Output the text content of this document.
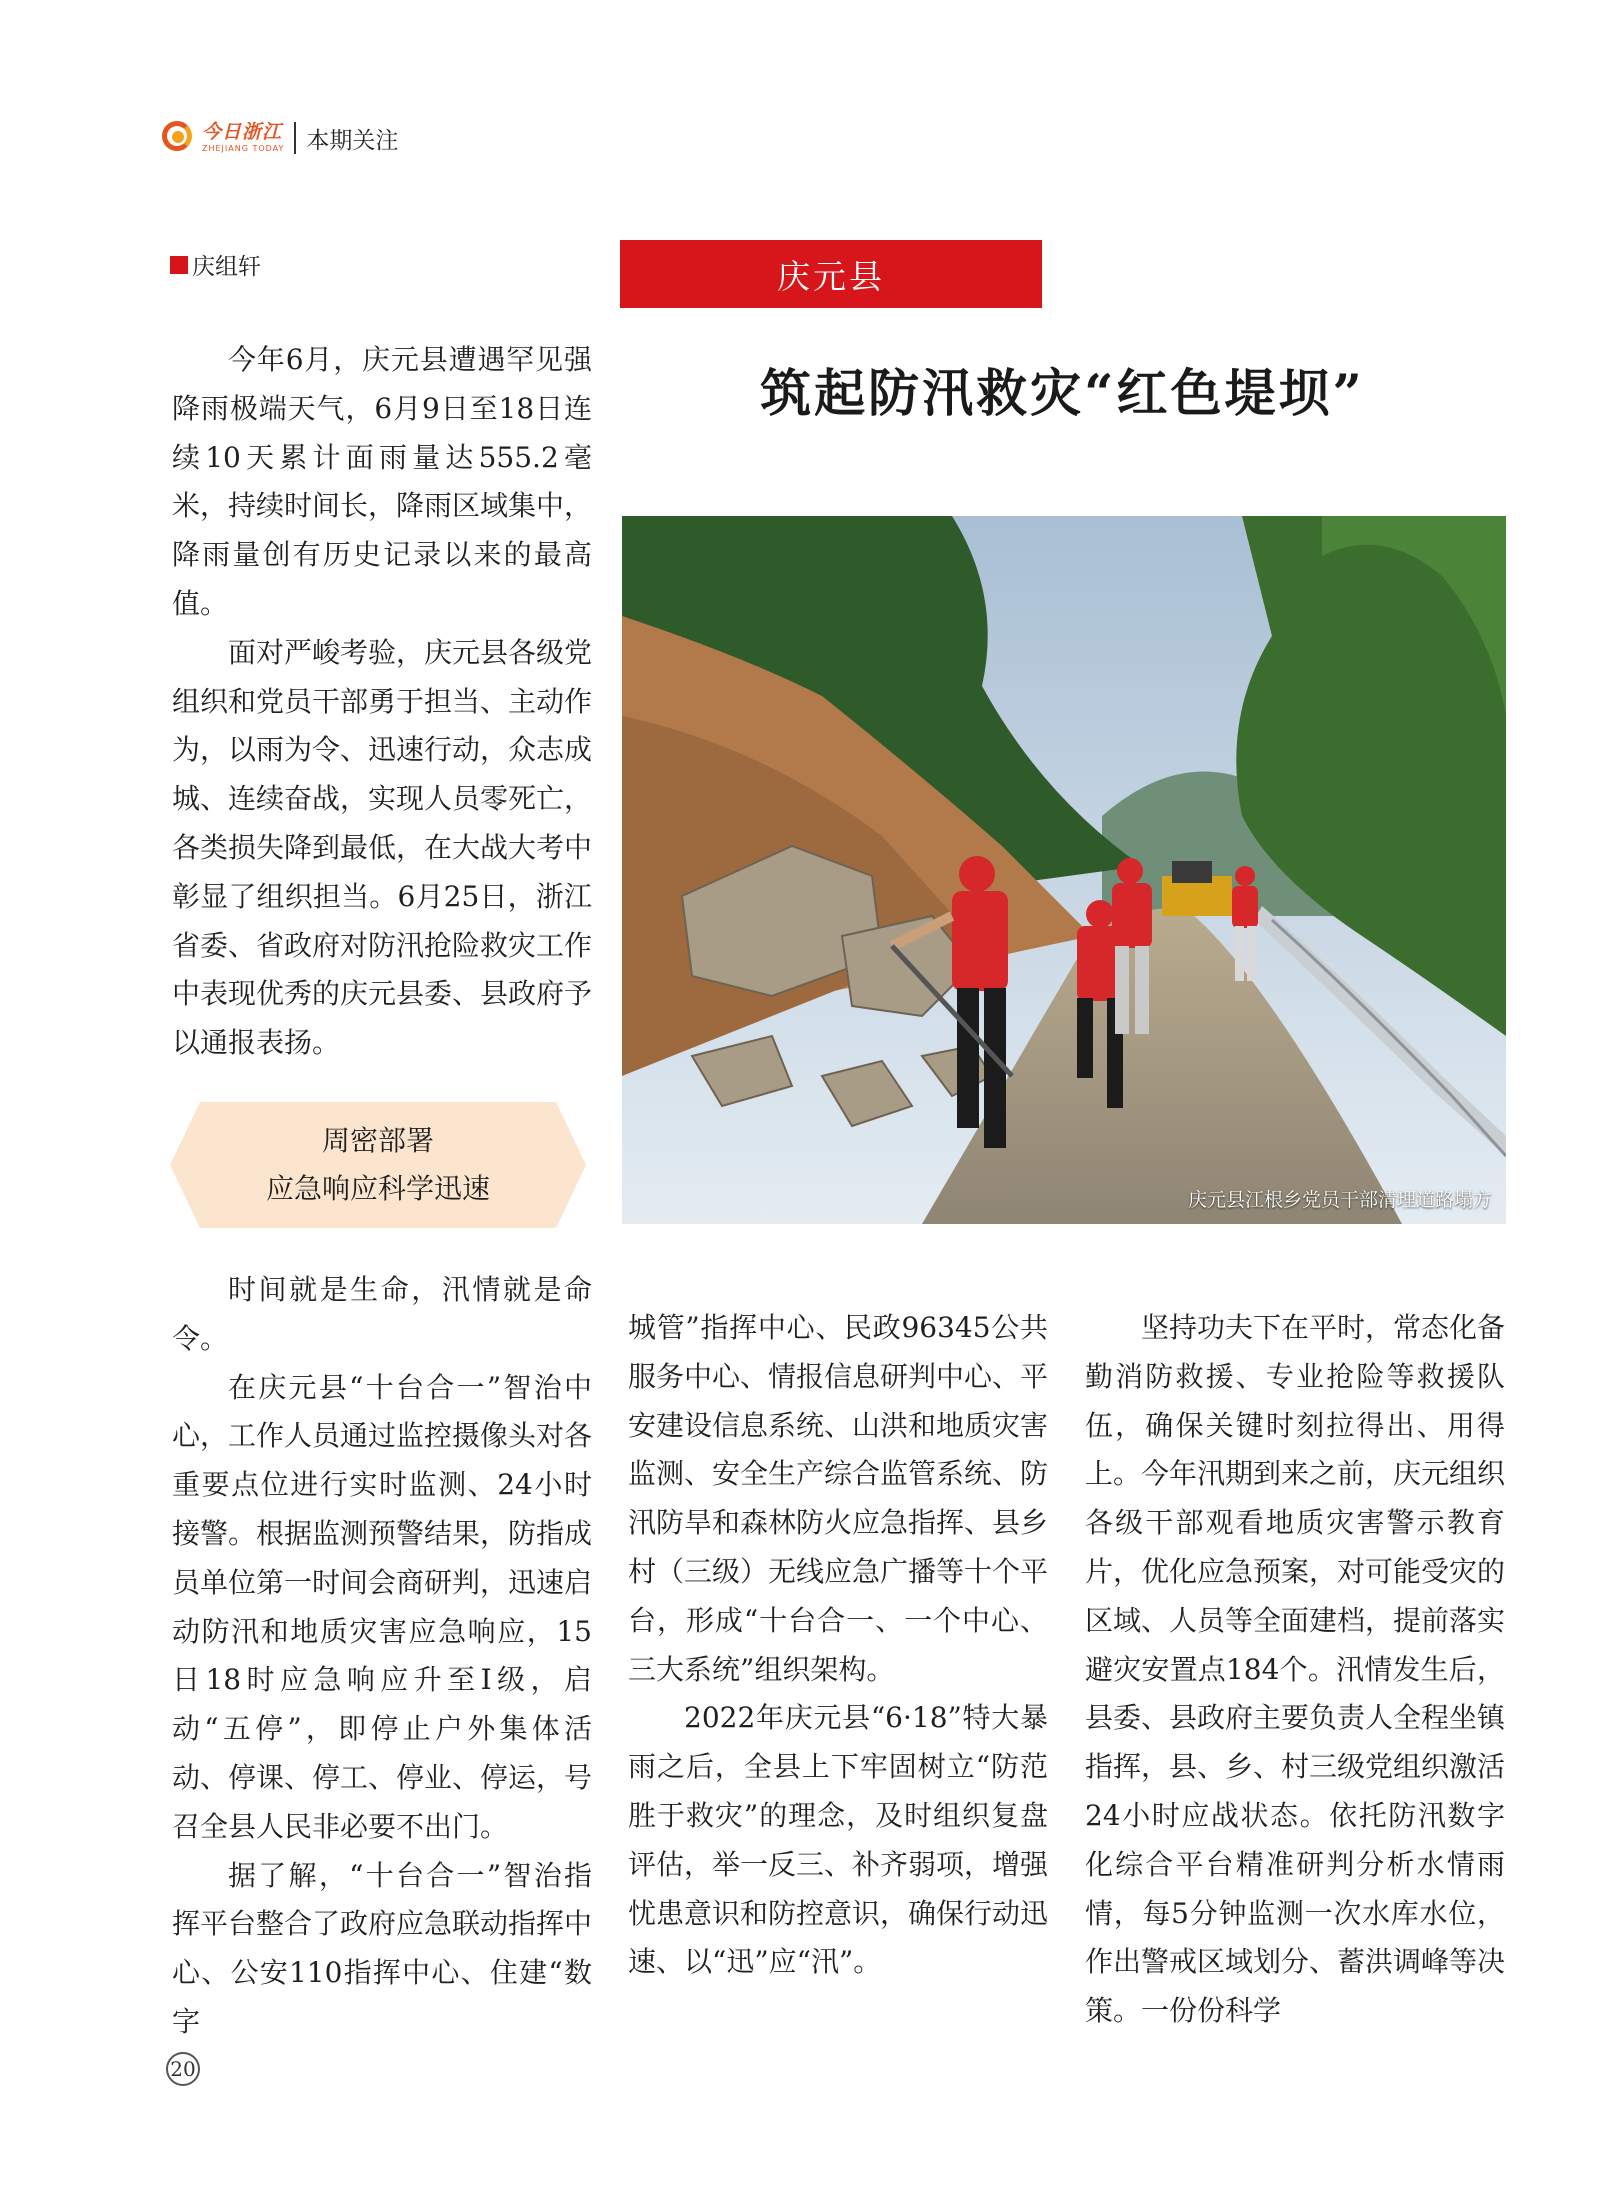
今日浙江
ZHEJIANG TODAY 本期关注
庆组轩	庆元县
筑起防汛救灾“红色堤坝”

今年6月，庆元县遭遇罕见强降雨极端天气，6月9日至18日连续10天累计面雨量达555.2毫米，持续时间长，降雨区域集中，降雨量创有历史记录以来的最高值。

面对严峻考验，庆元县各级党组织和党员干部勇于担当、主动作为，以雨为令、迅速行动，众志成城、连续奋战，实现人员零死亡，各类损失降到最低，在大战大考中彰显了组织担当。6月25日，浙江省委、省政府对防汛抢险救灾工作中表现优秀的庆元县委、县政府予以通报表扬。

周密部署
应急响应科学迅速

时间就是生命，汛情就是命令。

在庆元县“十台合一”智治中心，工作人员通过监控摄像头对各重要点位进行实时监测、24小时接警。根据监测预警结果，防指成员单位第一时间会商研判，迅速启动防汛和地质灾害应急响应，15日18时应急响应升至Ⅰ级，启动“五停”，即停止户外集体活动、停课、停工、停业、停运，号召全县人民非必要不出门。

据了解，“十台合一”智治指挥平台整合了政府应急联动指挥中心、公安110指挥中心、住建“数字

庆元县江根乡党员干部清理道路塌方

城管”指挥中心、民政96345公共服务中心、情报信息研判中心、平安建设信息系统、山洪和地质灾害监测、安全生产综合监管系统、防汛防旱和森林防火应急指挥、县乡村（三级）无线应急广播等十个平台，形成“十台合一、一个中心、三大系统”组织架构。

2022年庆元县“6·18”特大暴雨之后，全县上下牢固树立“防范胜于救灾”的理念，及时组织复盘评估，举一反三、补齐弱项，增强忧患意识和防控意识，确保行动迅速、以“迅”应“汛”。

坚持功夫下在平时，常态化备勤消防救援、专业抢险等救援队伍，确保关键时刻拉得出、用得上。今年汛期到来之前，庆元组织各级干部观看地质灾害警示教育片，优化应急预案，对可能受灾的区域、人员等全面建档，提前落实避灾安置点184个。汛情发生后，县委、县政府主要负责人全程坐镇指挥，县、乡、村三级党组织激活24小时应战状态。依托防汛数字化综合平台精准研判分析水情雨情，每5分钟监测一次水库水位，作出警戒区域划分、蓄洪调峰等决策。一份份科学

20
